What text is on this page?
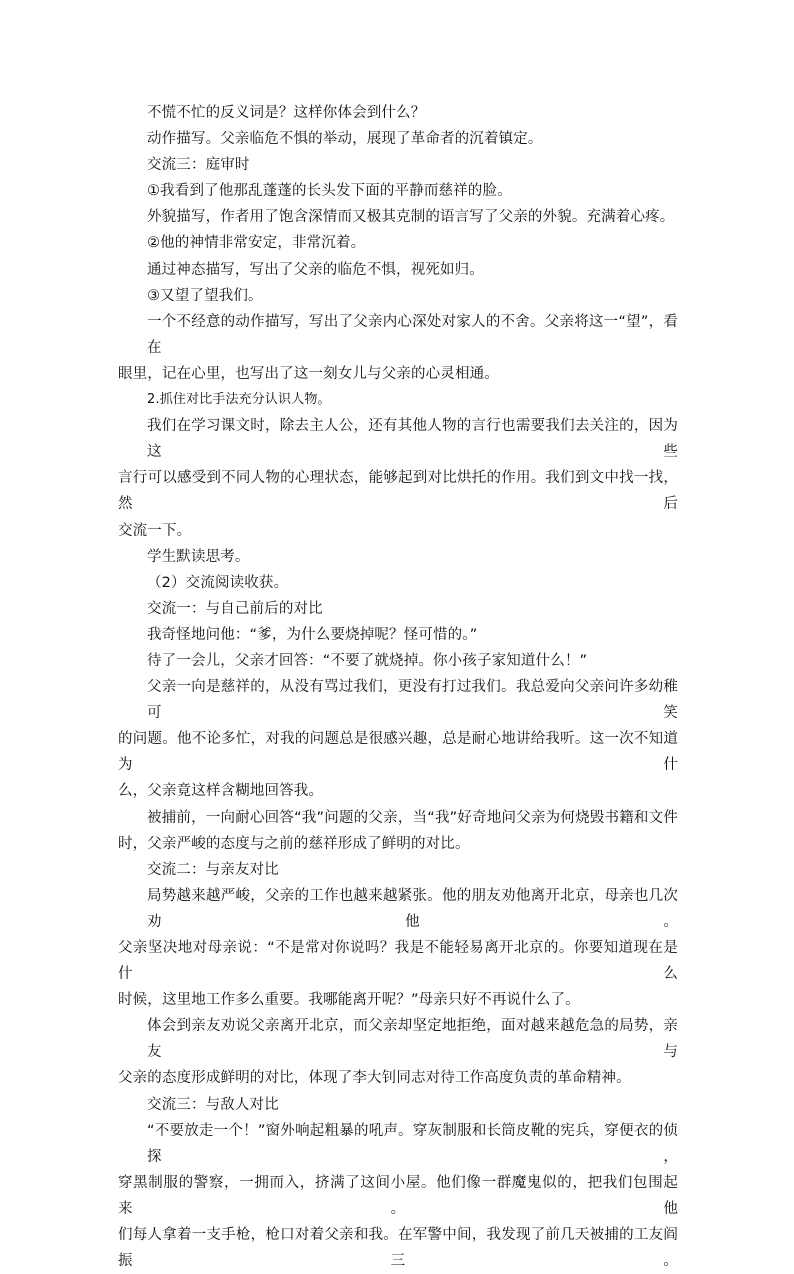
不慌不忙的反义词是？这样你体会到什么？
动作描写。父亲临危不惧的举动，展现了革命者的沉着镇定。
交流三：庭审时
①我看到了他那乱蓬蓬的长头发下面的平静而慈祥的脸。
外貌描写，作者用了饱含深情而又极其克制的语言写了父亲的外貌。充满着心疼。
②他的神情非常安定，非常沉着。
通过神态描写，写出了父亲的临危不惧，视死如归。
③又望了望我们。
一个不经意的动作描写，写出了父亲内心深处对家人的不舍。父亲将这一“望”，看在
眼里，记在心里，也写出了这一刻女儿与父亲的心灵相通。
2.抓住对比手法充分认识人物。
我们在学习课文时，除去主人公，还有其他人物的言行也需要我们去关注的，因为这些
言行可以感受到不同人物的心理状态，能够起到对比烘托的作用。我们到文中找一找，然后
交流一下。
学生默读思考。
（2）交流阅读收获。
交流一：与自己前后的对比
我奇怪地问他：“爹，为什么要烧掉呢？怪可惜的。”
待了一会儿，父亲才回答：“不要了就烧掉。你小孩子家知道什么！”
父亲一向是慈祥的，从没有骂过我们，更没有打过我们。我总爱向父亲问许多幼稚可笑
的问题。他不论多忙，对我的问题总是很感兴趣，总是耐心地讲给我听。这一次不知道为什
么，父亲竟这样含糊地回答我。
被捕前，一向耐心回答“我”问题的父亲，当“我”好奇地问父亲为何烧毁书籍和文件
时，父亲严峻的态度与之前的慈祥形成了鲜明的对比。
交流二：与亲友对比
局势越来越严峻，父亲的工作也越来越紧张。他的朋友劝他离开北京，母亲也几次劝他。
父亲坚决地对母亲说：“不是常对你说吗？我是不能轻易离开北京的。你要知道现在是什么
时候，这里地工作多么重要。我哪能离开呢？”母亲只好不再说什么了。
体会到亲友劝说父亲离开北京，而父亲却坚定地拒绝，面对越来越危急的局势，亲友与
父亲的态度形成鲜明的对比，体现了李大钊同志对待工作高度负责的革命精神。
交流三：与敌人对比
“不要放走一个！”窗外响起粗暴的吼声。穿灰制服和长筒皮靴的宪兵，穿便衣的侦探，
穿黑制服的警察，一拥而入，挤满了这间小屋。他们像一群魔鬼似的，把我们包围起来。他
们每人拿着一支手枪，枪口对着父亲和我。在军警中间，我发现了前几天被捕的工友阎振三。
